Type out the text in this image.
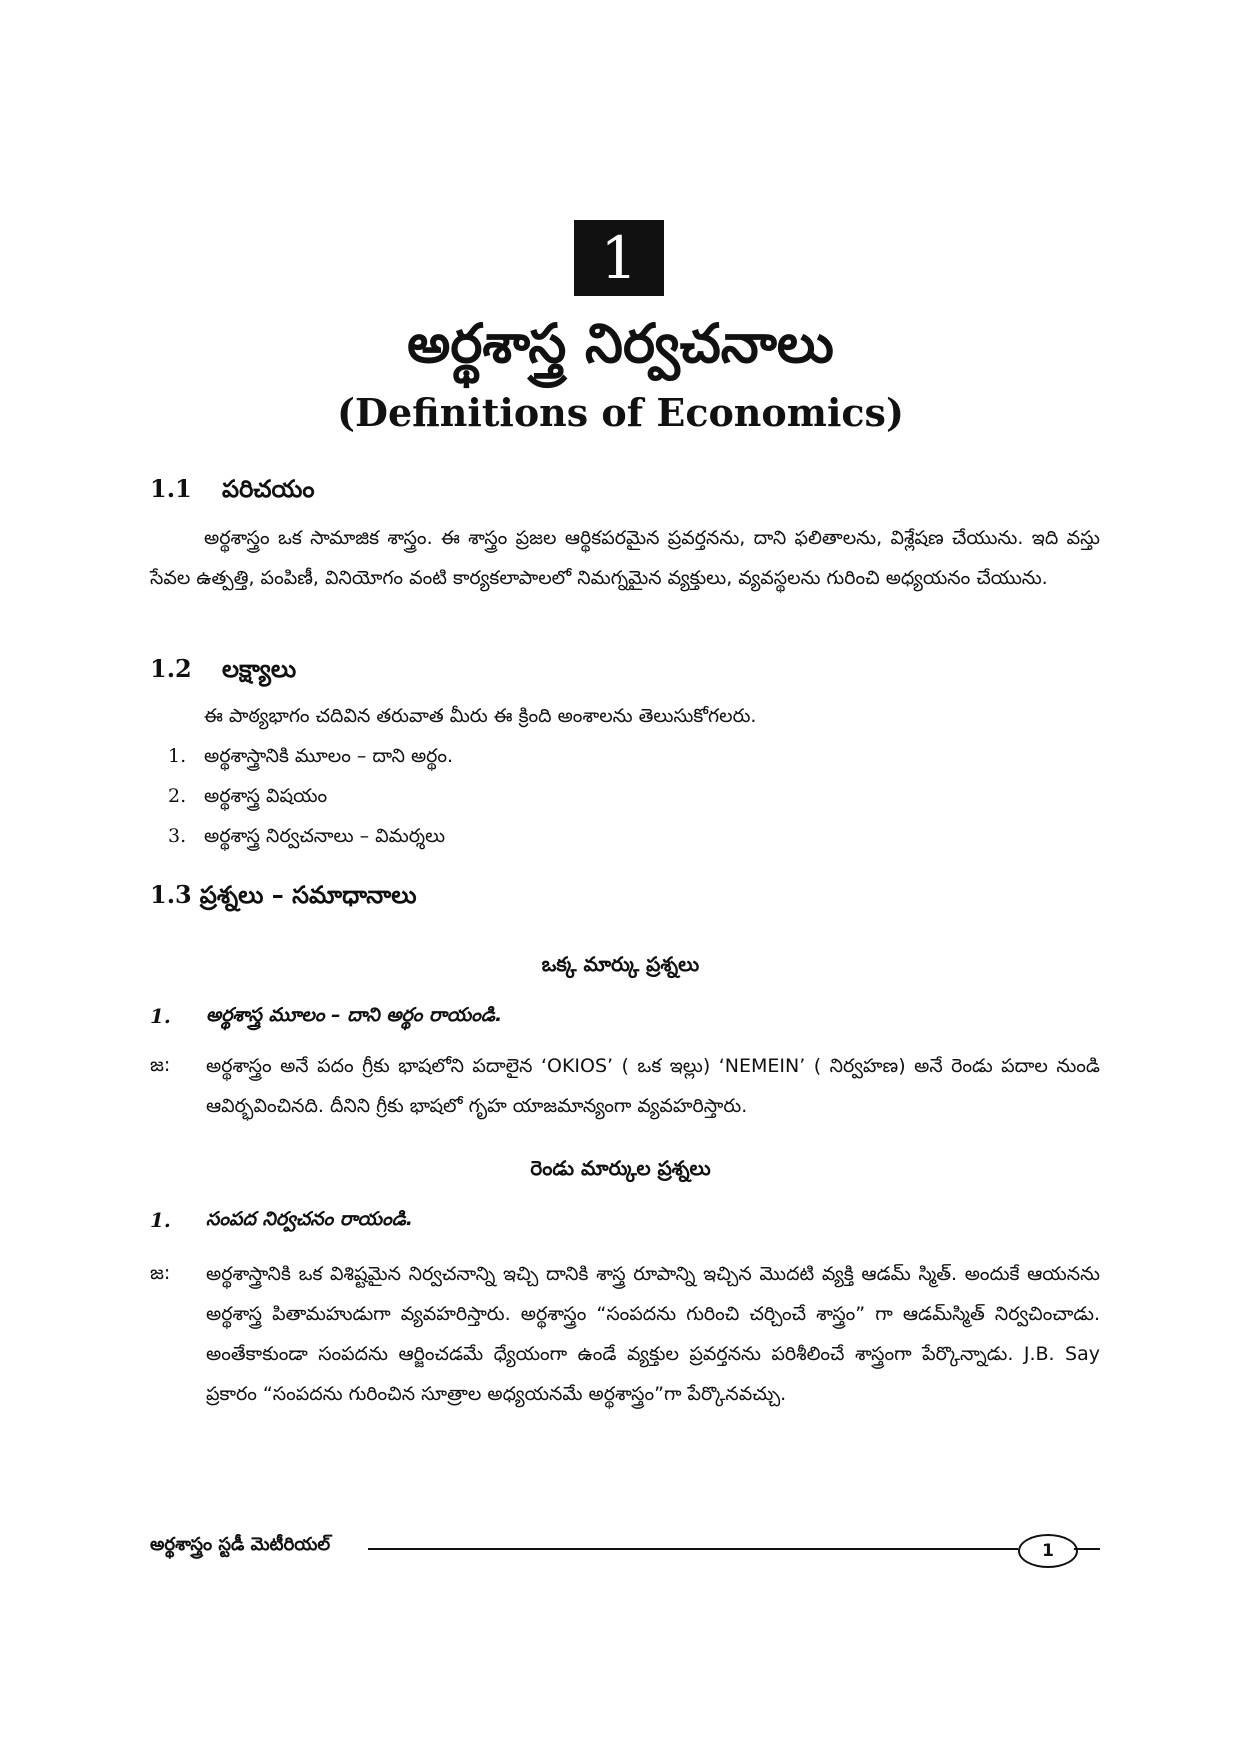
1
అర్థశాస్త్ర నిర్వచనాలు
(Definitions of Economics)
1.1 పరిచయం
అర్థశాస్త్రం ఒక సామాజిక శాస్త్రం. ఈ శాస్త్రం ప్రజల ఆర్థికపరమైన ప్రవర్తనను, దాని ఫలితాలను, విశ్లేషణ చేయును. ఇది వస్తు సేవల ఉత్పత్తి, పంపిణీ, వినియోగం వంటి కార్యకలాపాలలో నిమగ్నమైన వ్యక్తులు, వ్యవస్థలను గురించి అధ్యయనం చేయును.
1.2 లక్ష్యాలు
ఈ పాఠ్యభాగం చదివిన తరువాత మీరు ఈ క్రింది అంశాలను తెలుసుకోగలరు.
1. అర్థశాస్త్రానికి మూలం – దాని అర్థం.
2. అర్థశాస్త్ర విషయం
3. అర్థశాస్త్ర నిర్వచనాలు – విమర్శలు
1.3 ప్రశ్నలు – సమాధానాలు
ఒక్క మార్కు ప్రశ్నలు
1. అర్థశాస్త్ర మూలం – దాని అర్థం రాయండి.
జ: అర్థశాస్త్రం అనే పదం గ్రీకు భాషలోని పదాలైన ‘OKIOS’ ( ఒక ఇల్లు) ‘NEMEIN’ ( నిర్వహణ) అనే రెండు పదాల నుండి ఆవిర్భవించినది. దీనిని గ్రీకు భాషలో గృహ యాజమాన్యంగా వ్యవహరిస్తారు.
రెండు మార్కుల ప్రశ్నలు
1. సంపద నిర్వచనం రాయండి.
జ: అర్థశాస్త్రానికి ఒక విశిష్టమైన నిర్వచనాన్ని ఇచ్చి దానికి శాస్త్ర రూపాన్ని ఇచ్చిన మొదటి వ్యక్తి ఆడమ్ స్మిత్. అందుకే ఆయనను అర్థశాస్త్ర పితామహుడుగా వ్యవహరిస్తారు. అర్థశాస్త్రం “సంపదను గురించి చర్చించే శాస్త్రం” గా ఆడమ్‌స్మిత్ నిర్వచించాడు. అంతేకాకుండా సంపదను ఆర్జించడమే ధ్యేయంగా ఉండే వ్యక్తుల ప్రవర్తనను పరిశీలించే శాస్త్రంగా పేర్కొన్నాడు. J.B. Say ప్రకారం “సంపదను గురించిన సూత్రాల అధ్యయనమే అర్థశాస్త్రం”గా పేర్కొనవచ్చు.
అర్థశాస్త్రం స్టడీ మెటీరియల్	1
